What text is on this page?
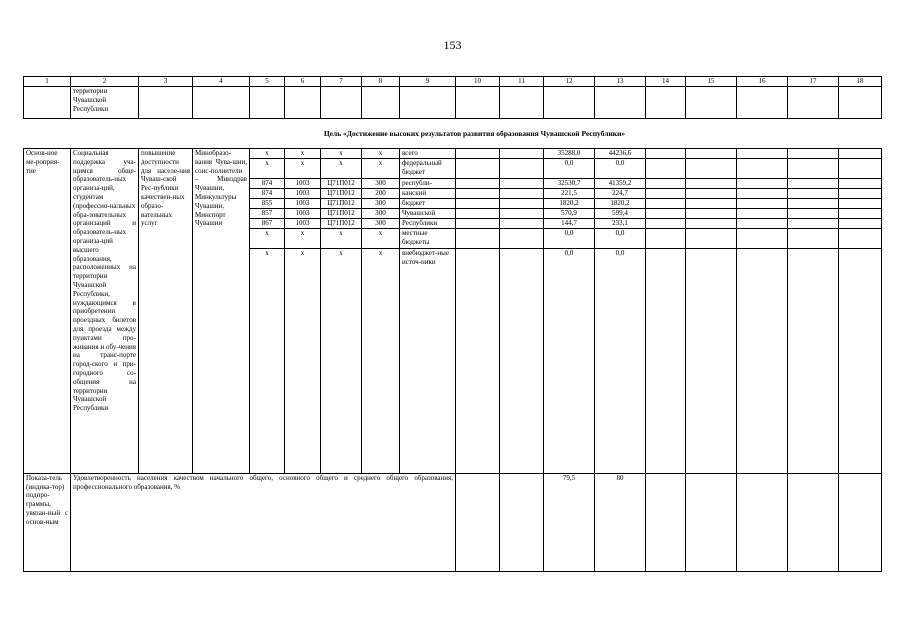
153
1	2	3	4	5	6	7	8	9	10	11	12	13	14	15	16	17	18
	территории Чувашской Республики																
Цель «Достижение высоких результатов развития образования Чувашской Республики»
Основ-ное ме-роприя-тие	Социальная поддержка уча-щимся обще-образователь-ных организа-ций, студентам (профессио-нальных обра-зовательных организаций и образователь-ных организа-ций высшего образования, расположенных на территории Чувашской Республики, нуждающимся в приобретении проездных билетов для проезда между пунктами про-живания и обу-чения на транс-порте город-ского и при-городного со-общения на территории Чувашской Республики	повышение доступности для населе-ния Чуваш-ской Рес-публики качествен-ных образо-вательных услуг	Минобразо-вания Чува-шии, соис-полнители – Минздрав Чувашии, Минкультуры Чувашии, Минспорт Чувашии	x	x	x	x	всего			35288,0	44236,6					
				x	x	x	x	федеральный бюджет			0,0	0,0					
				874	1003	Ц71П012	300	республи-			32530,7	41359,2					
				874	1003	Ц71П012	200	канский			221,5	224,7					
				855	1003	Ц71П012	300	бюджет			1820,2	1820,2					
				857	1003	Ц71П012	300	Чувашской			570,9	599,4					
				867	1003	Ц71П012	300	Республики			144,7	233,1					
				x	x	x	x	местные бюджеты			0,0	0,0					
				x	x	x	x	внебюджет-ные источ-ники			0,0	0,0					
Показа-тель (индика-тор) подпро-граммы, увязан-ный с основ-ным	Удовлетворенность населения качеством начального общего, основного общего и среднего общего образования, профессионального образования, %										79,5	80					
